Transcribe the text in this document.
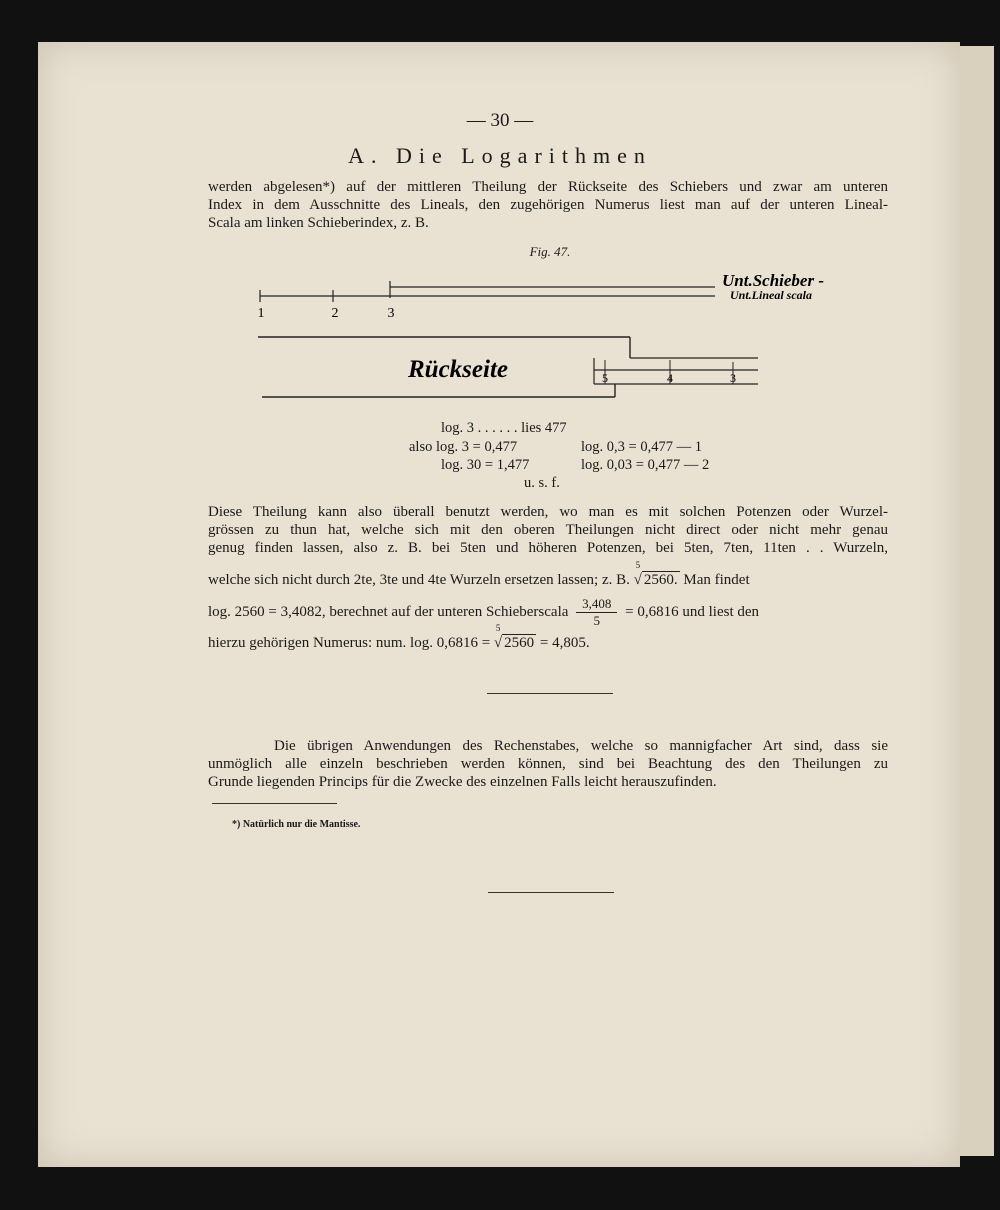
— 30 —
A. Die Logarithmen
werden abgelesen*) auf der mittleren Theilung der Rückseite des Schiebers und zwar am unteren
Index in dem Ausschnitte des Lineals, den zugehörigen Numerus liest man auf der unteren Lineal-
Scala am linken Schieberindex, z. B.
Fig. 47.
1	2	3
Unt.Schieber -
Unt.Lineal scala
Rückseite	5	4	3
log. 3 . . . . . . lies 477
also log. 3 = 0,477	log. 0,3 = 0,477 — 1
log. 30 = 1,477	log. 0,03 = 0,477 — 2
u. s. f.
Diese Theilung kann also überall benutzt werden, wo man es mit solchen Potenzen oder Wurzel-
grössen zu thun hat, welche sich mit den oberen Theilungen nicht direct oder nicht mehr genau
genug finden lassen, also z. B. bei 5ten und höheren Potenzen, bei 5ten, 7ten, 11ten . . Wurzeln,
welche sich nicht durch 2te, 3te und 4te Wurzeln ersetzen lassen; z. B. √
5
2560. Man findet
log. 2560 = 3,4082, berechnet auf der unteren Schieberscala $\frac{3,408}{5} = 0,6816$ und liest den
hierzu gehörigen Numerus: num. log. 0,6816 = √
5
2560 = 4,805.
Die übrigen Anwendungen des Rechenstabes, welche so mannigfacher Art sind, dass sie
unmöglich alle einzeln beschrieben werden können, sind bei Beachtung des den Theilungen zu
Grunde liegenden Princips für die Zwecke des einzelnen Falls leicht herauszufinden.
*) Natürlich nur die Mantisse.
